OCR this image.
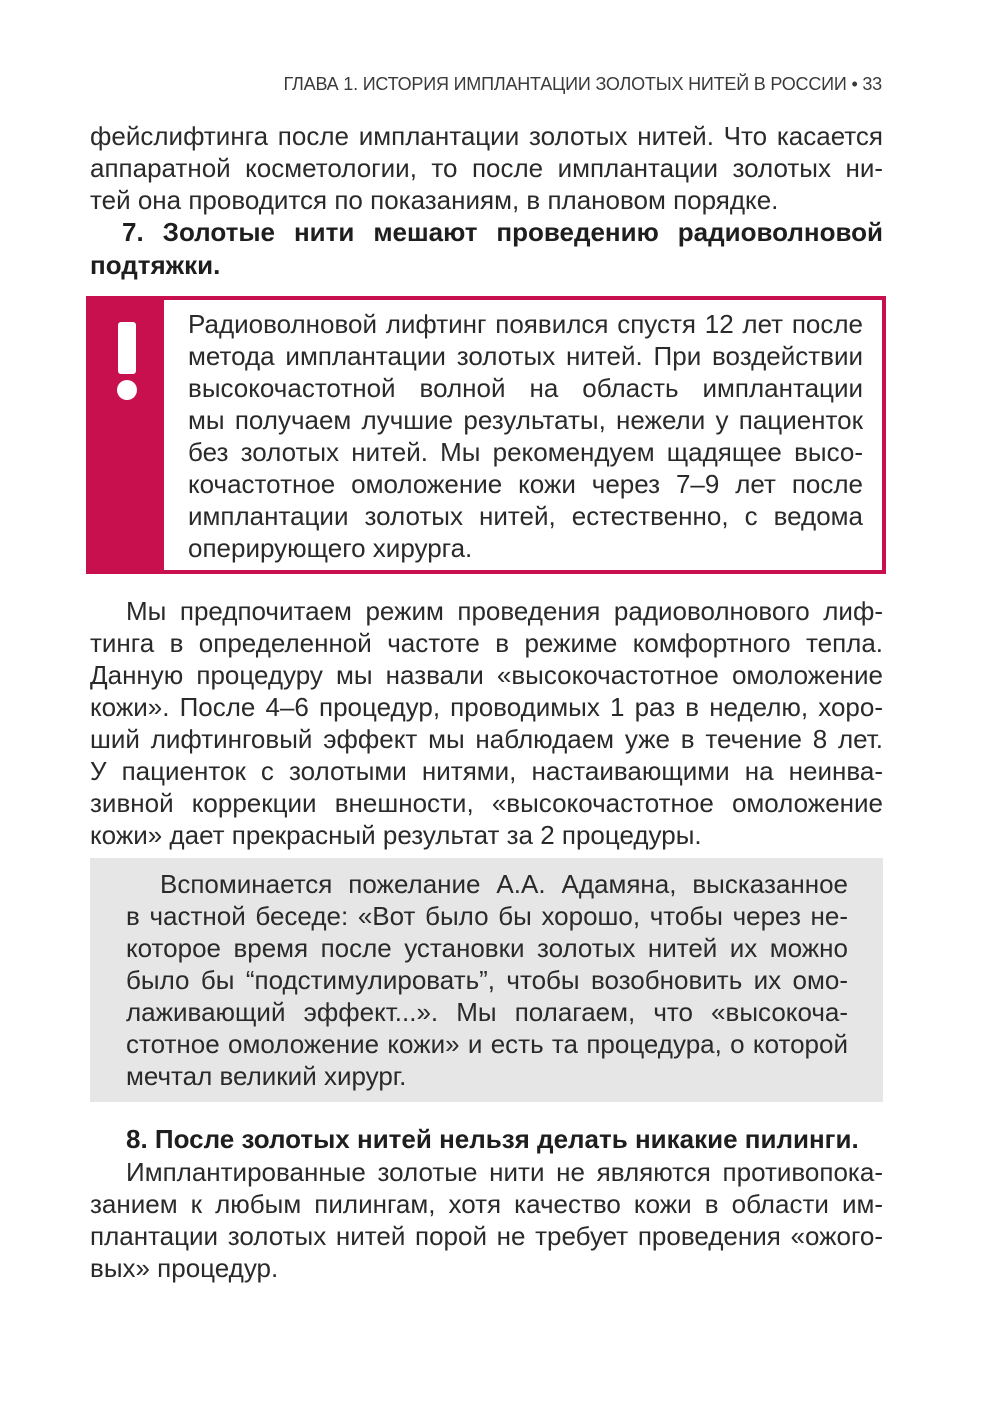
ГЛАВА 1. ИСТОРИЯ ИМПЛАНТАЦИИ ЗОЛОТЫХ НИТЕЙ В РОССИИ • 33
фейслифтинга после имплантации золотых нитей. Что касается
аппаратной косметологии, то после имплантации золотых ни-
тей она проводится по показаниям, в плановом порядке.
7. Золотые нити мешают проведению радиоволновой
подтяжки.
Радиоволновой лифтинг появился спустя 12 лет после
метода имплантации золотых нитей. При воздействии
высокочастотной волной на область имплантации
мы получаем лучшие результаты, нежели у пациенток
без золотых нитей. Мы рекомендуем щадящее высо-
кочастотное омоложение кожи через 7–9 лет после
имплантации золотых нитей, естественно, с ведома
оперирующего хирурга.
Мы предпочитаем режим проведения радиоволнового лиф-
тинга в определенной частоте в режиме комфортного тепла.
Данную процедуру мы назвали «высокочастотное омоложение
кожи». После 4–6 процедур, проводимых 1 раз в неделю, хоро-
ший лифтинговый эффект мы наблюдаем уже в течение 8 лет.
У пациенток с золотыми нитями, настаивающими на неинва-
зивной коррекции внешности, «высокочастотное омоложение
кожи» дает прекрасный результат за 2 процедуры.
Вспоминается пожелание А.А. Адамяна, высказанное
в частной беседе: «Вот было бы хорошо, чтобы через не-
которое время после установки золотых нитей их можно
было бы “подстимулировать”, чтобы возобновить их омо-
лаживающий эффект...». Мы полагаем, что «высокоча-
стотное омоложение кожи» и есть та процедура, о которой
мечтал великий хирург.
8. После золотых нитей нельзя делать никакие пилинги.
Имплантированные золотые нити не являются противопока-
занием к любым пилингам, хотя качество кожи в области им-
плантации золотых нитей порой не требует проведения «ожого-
вых» процедур.
